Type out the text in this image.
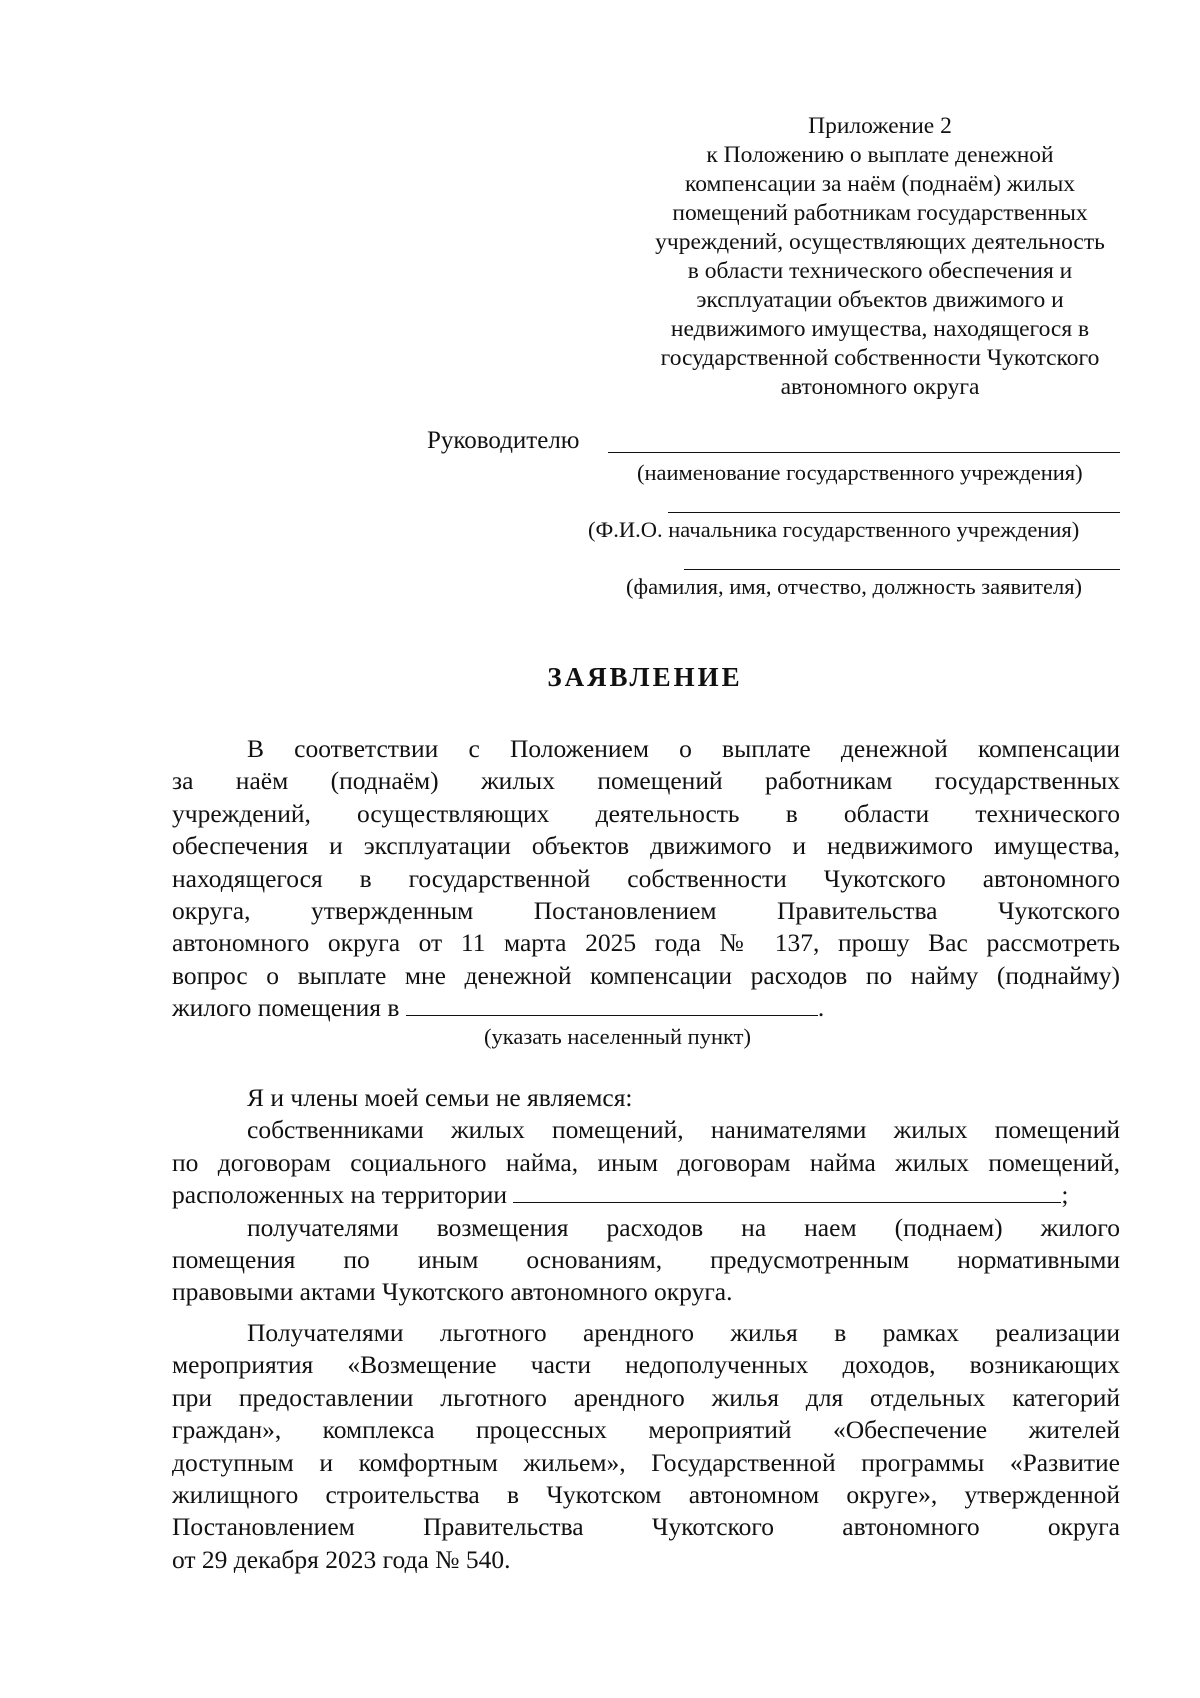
Приложение 2
к Положению о выплате денежной
компенсации за наём (поднаём) жилых
помещений работникам государственных
учреждений, осуществляющих деятельность
в области технического обеспечения и
эксплуатации объектов движимого и
недвижимого имущества, находящегося в
государственной собственности Чукотского
автономного округа
Руководителю
(наименование государственного учреждения)
(Ф.И.О. начальника государственного учреждения)
(фамилия, имя, отчество, должность заявителя)
ЗАЯВЛЕНИЕ
В соответствии с Положением о выплате денежной компенсации
за наём (поднаём) жилых помещений работникам государственных
учреждений, осуществляющих деятельность в области технического
обеспечения и эксплуатации объектов движимого и недвижимого имущества,
находящегося в государственной собственности Чукотского автономного
округа, утвержденным Постановлением Правительства Чукотского
автономного округа от 11 марта 2025 года № 137, прошу Вас рассмотреть
вопрос о выплате мне денежной компенсации расходов по найму (поднайму)
жилого помещения в	.
(указать населенный пункт)
Я и члены моей семьи не являемся:
собственниками жилых помещений, нанимателями жилых помещений
по договорам социального найма, иным договорам найма жилых помещений,
расположенных на территории	;
получателями возмещения расходов на наем (поднаем) жилого
помещения по иным основаниям, предусмотренным нормативными
правовыми актами Чукотского автономного округа.
Получателями льготного арендного жилья в рамках реализации
мероприятия «Возмещение части недополученных доходов, возникающих
при предоставлении льготного арендного жилья для отдельных категорий
граждан», комплекса процессных мероприятий «Обеспечение жителей
доступным и комфортным жильем», Государственной программы «Развитие
жилищного строительства в Чукотском автономном округе», утвержденной
Постановлением Правительства Чукотского автономного округа
от 29 декабря 2023 года № 540.
